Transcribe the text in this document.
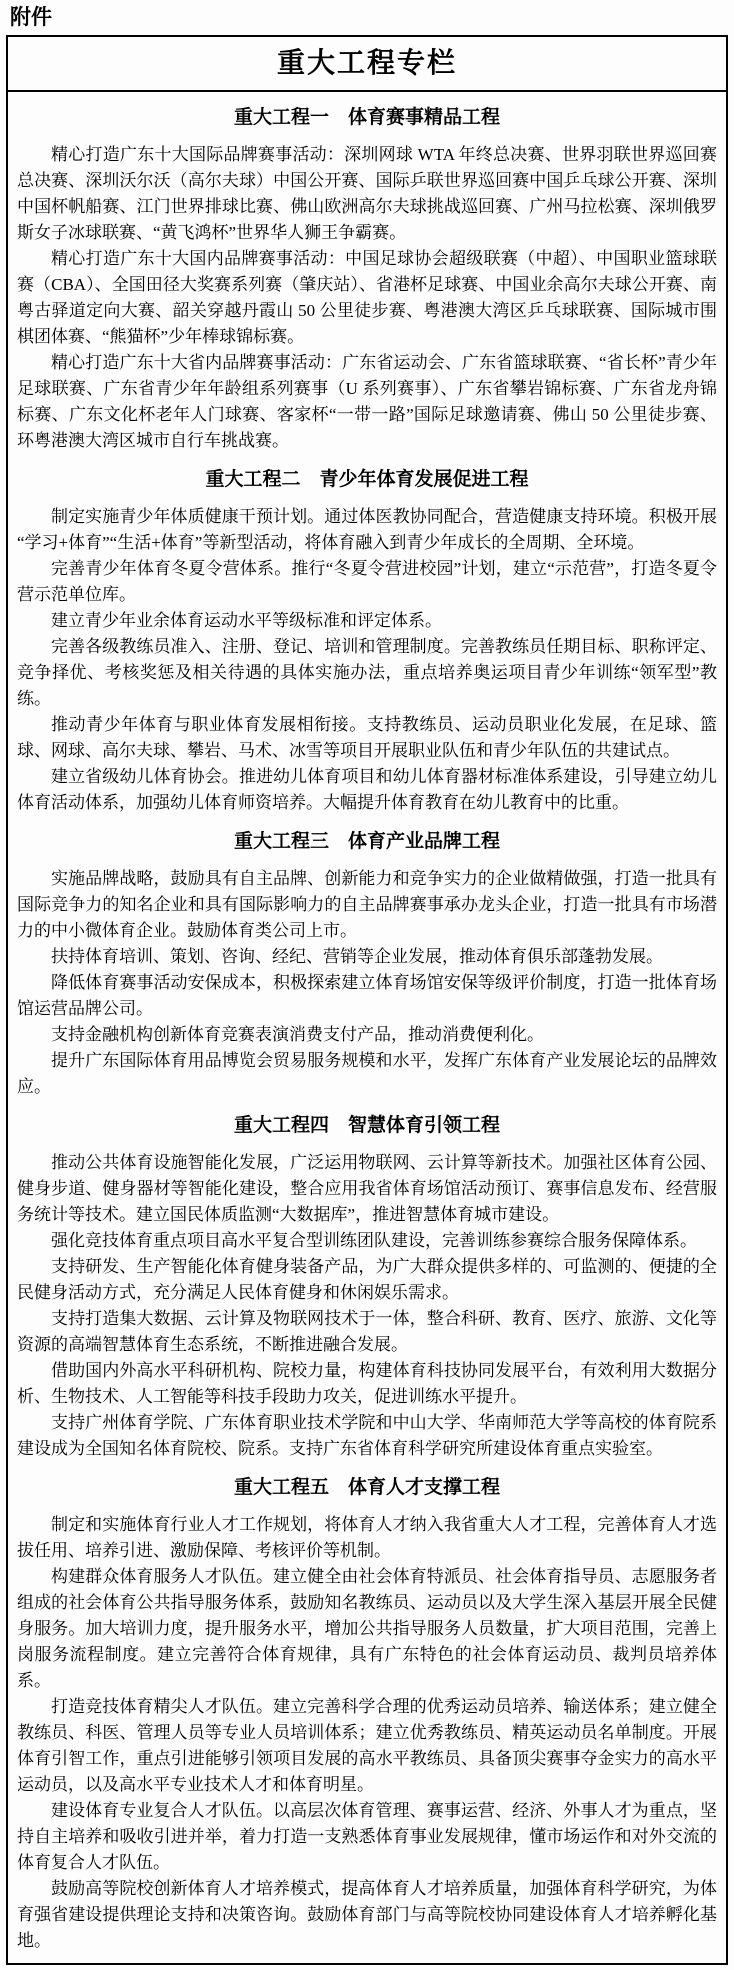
附件
重大工程专栏
重大工程一　体育赛事精品工程

精心打造广东十大国际品牌赛事活动：深圳网球 WTA 年终总决赛、世界羽联世界巡回赛总决赛、深圳沃尔沃（高尔夫球）中国公开赛、国际乒联世界巡回赛中国乒乓球公开赛、深圳中国杯帆船赛、江门世界排球比赛、佛山欧洲高尔夫球挑战巡回赛、广州马拉松赛、深圳俄罗斯女子冰球联赛、“黄飞鸿杯”世界华人狮王争霸赛。

精心打造广东十大国内品牌赛事活动：中国足球协会超级联赛（中超）、中国职业篮球联赛（CBA）、全国田径大奖赛系列赛（肇庆站）、省港杯足球赛、中国业余高尔夫球公开赛、南粤古驿道定向大赛、韶关穿越丹霞山 50 公里徒步赛、粤港澳大湾区乒乓球联赛、国际城市围棋团体赛、“熊猫杯”少年棒球锦标赛。

精心打造广东十大省内品牌赛事活动：广东省运动会、广东省篮球联赛、“省长杯”青少年足球联赛、广东省青少年年龄组系列赛事（U 系列赛事）、广东省攀岩锦标赛、广东省龙舟锦标赛、广东文化杯老年人门球赛、客家杯“一带一路”国际足球邀请赛、佛山 50 公里徒步赛、环粤港澳大湾区城市自行车挑战赛。

重大工程二　青少年体育发展促进工程

制定实施青少年体质健康干预计划。通过体医教协同配合，营造健康支持环境。积极开展“学习+体育”“生活+体育”等新型活动，将体育融入到青少年成长的全周期、全环境。

完善青少年体育冬夏令营体系。推行“冬夏令营进校园”计划，建立“示范营”，打造冬夏令营示范单位库。

建立青少年业余体育运动水平等级标准和评定体系。

完善各级教练员准入、注册、登记、培训和管理制度。完善教练员任期目标、职称评定、竞争择优、考核奖惩及相关待遇的具体实施办法，重点培养奥运项目青少年训练“领军型”教练。

推动青少年体育与职业体育发展相衔接。支持教练员、运动员职业化发展，在足球、篮球、网球、高尔夫球、攀岩、马术、冰雪等项目开展职业队伍和青少年队伍的共建试点。

建立省级幼儿体育协会。推进幼儿体育项目和幼儿体育器材标准体系建设，引导建立幼儿体育活动体系，加强幼儿体育师资培养。大幅提升体育教育在幼儿教育中的比重。

重大工程三　体育产业品牌工程

实施品牌战略，鼓励具有自主品牌、创新能力和竞争实力的企业做精做强，打造一批具有国际竞争力的知名企业和具有国际影响力的自主品牌赛事承办龙头企业，打造一批具有市场潜力的中小微体育企业。鼓励体育类公司上市。

扶持体育培训、策划、咨询、经纪、营销等企业发展，推动体育俱乐部蓬勃发展。

降低体育赛事活动安保成本，积极探索建立体育场馆安保等级评价制度，打造一批体育场馆运营品牌公司。

支持金融机构创新体育竞赛表演消费支付产品，推动消费便利化。

提升广东国际体育用品博览会贸易服务规模和水平，发挥广东体育产业发展论坛的品牌效应。

重大工程四　智慧体育引领工程

推动公共体育设施智能化发展，广泛运用物联网、云计算等新技术。加强社区体育公园、健身步道、健身器材等智能化建设，整合应用我省体育场馆活动预订、赛事信息发布、经营服务统计等技术。建立国民体质监测“大数据库”，推进智慧体育城市建设。

强化竞技体育重点项目高水平复合型训练团队建设，完善训练参赛综合服务保障体系。

支持研发、生产智能化体育健身装备产品，为广大群众提供多样的、可监测的、便捷的全民健身活动方式，充分满足人民体育健身和休闲娱乐需求。

支持打造集大数据、云计算及物联网技术于一体，整合科研、教育、医疗、旅游、文化等资源的高端智慧体育生态系统，不断推进融合发展。

借助国内外高水平科研机构、院校力量，构建体育科技协同发展平台，有效利用大数据分析、生物技术、人工智能等科技手段助力攻关，促进训练水平提升。

支持广州体育学院、广东体育职业技术学院和中山大学、华南师范大学等高校的体育院系建设成为全国知名体育院校、院系。支持广东省体育科学研究所建设体育重点实验室。

重大工程五　体育人才支撑工程

制定和实施体育行业人才工作规划，将体育人才纳入我省重大人才工程，完善体育人才选拔任用、培养引进、激励保障、考核评价等机制。

构建群众体育服务人才队伍。建立健全由社会体育特派员、社会体育指导员、志愿服务者组成的社会体育公共指导服务体系，鼓励知名教练员、运动员以及大学生深入基层开展全民健身服务。加大培训力度，提升服务水平，增加公共指导服务人员数量，扩大项目范围，完善上岗服务流程制度。建立完善符合体育规律，具有广东特色的社会体育运动员、裁判员培养体系。

打造竞技体育精尖人才队伍。建立完善科学合理的优秀运动员培养、输送体系；建立健全教练员、科医、管理人员等专业人员培训体系；建立优秀教练员、精英运动员名单制度。开展体育引智工作，重点引进能够引领项目发展的高水平教练员、具备顶尖赛事夺金实力的高水平运动员，以及高水平专业技术人才和体育明星。

建设体育专业复合人才队伍。以高层次体育管理、赛事运营、经济、外事人才为重点，坚持自主培养和吸收引进并举，着力打造一支熟悉体育事业发展规律，懂市场运作和对外交流的体育复合人才队伍。

鼓励高等院校创新体育人才培养模式，提高体育人才培养质量，加强体育科学研究，为体育强省建设提供理论支持和决策咨询。鼓励体育部门与高等院校协同建设体育人才培养孵化基地。
